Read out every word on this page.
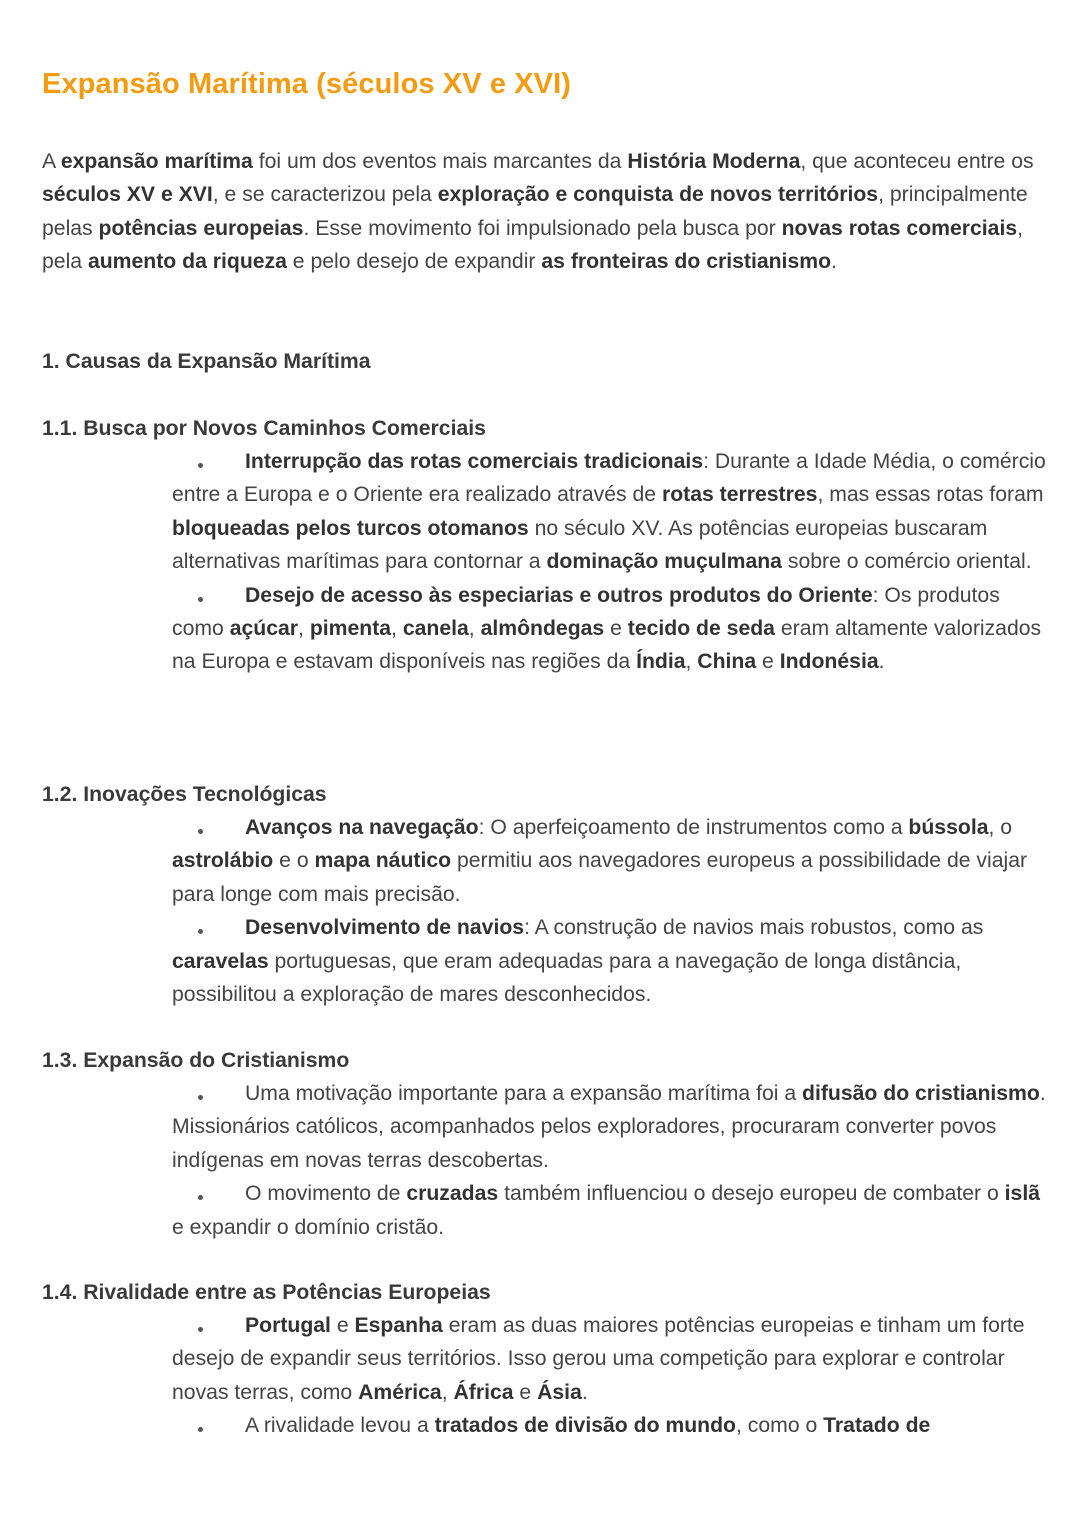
Expansão Marítima (séculos XV e XVI)
A expansão marítima foi um dos eventos mais marcantes da História Moderna, que aconteceu entre os séculos XV e XVI, e se caracterizou pela exploração e conquista de novos territórios, principalmente pelas potências europeias. Esse movimento foi impulsionado pela busca por novas rotas comerciais, pela aumento da riqueza e pelo desejo de expandir as fronteiras do cristianismo.
1. Causas da Expansão Marítima
1.1. Busca por Novos Caminhos Comerciais
Interrupção das rotas comerciais tradicionais: Durante a Idade Média, o comércio entre a Europa e o Oriente era realizado através de rotas terrestres, mas essas rotas foram bloqueadas pelos turcos otomanos no século XV. As potências europeias buscaram alternativas marítimas para contornar a dominação muçulmana sobre o comércio oriental.
Desejo de acesso às especiarias e outros produtos do Oriente: Os produtos como açúcar, pimenta, canela, almôndegas e tecido de seda eram altamente valorizados na Europa e estavam disponíveis nas regiões da Índia, China e Indonésia.
1.2. Inovações Tecnológicas
Avanços na navegação: O aperfeiçoamento de instrumentos como a bússola, o astrolábio e o mapa náutico permitiu aos navegadores europeus a possibilidade de viajar para longe com mais precisão.
Desenvolvimento de navios: A construção de navios mais robustos, como as caravelas portuguesas, que eram adequadas para a navegação de longa distância, possibilitou a exploração de mares desconhecidos.
1.3. Expansão do Cristianismo
Uma motivação importante para a expansão marítima foi a difusão do cristianismo. Missionários católicos, acompanhados pelos exploradores, procuraram converter povos indígenas em novas terras descobertas.
O movimento de cruzadas também influenciou o desejo europeu de combater o islã e expandir o domínio cristão.
1.4. Rivalidade entre as Potências Europeias
Portugal e Espanha eram as duas maiores potências europeias e tinham um forte desejo de expandir seus territórios. Isso gerou uma competição para explorar e controlar novas terras, como América, África e Ásia.
A rivalidade levou a tratados de divisão do mundo, como o Tratado de
